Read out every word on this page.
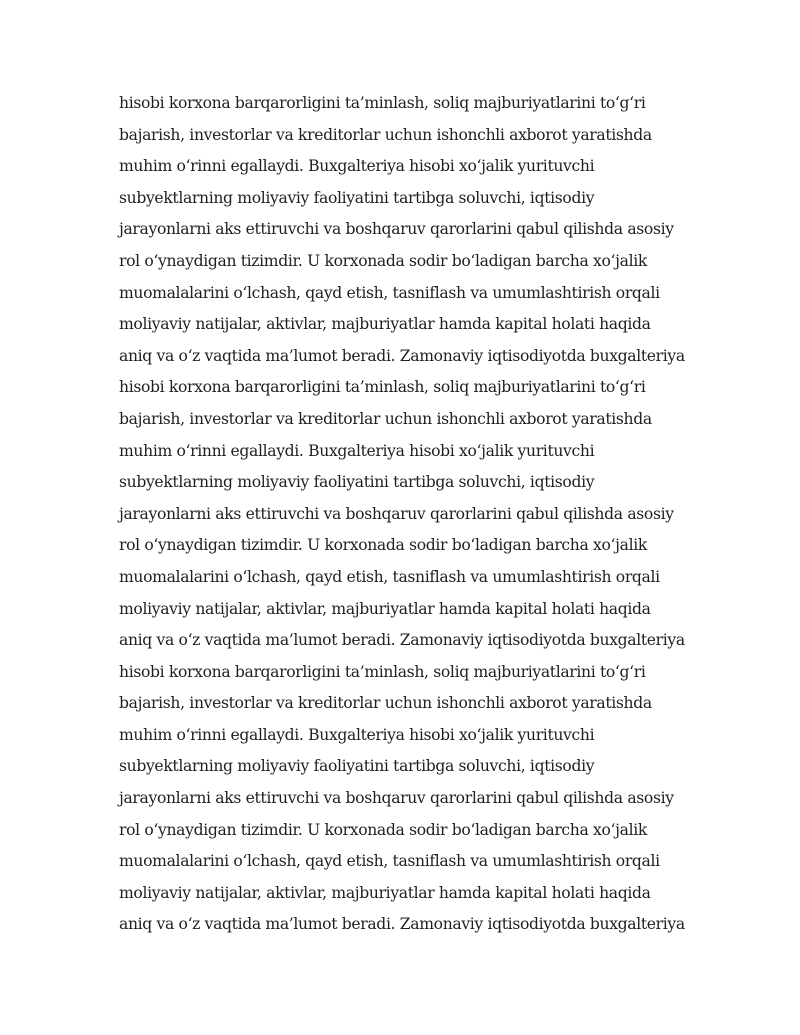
hisobi korxona barqarorligini ta’minlash, soliq majburiyatlarini to‘g‘ri
bajarish, investorlar va kreditorlar uchun ishonchli axborot yaratishda
muhim o‘rinni egallaydi. Buxgalteriya hisobi xo‘jalik yurituvchi
subyektlarning moliyaviy faoliyatini tartibga soluvchi, iqtisodiy
jarayonlarni aks ettiruvchi va boshqaruv qarorlarini qabul qilishda asosiy
rol o‘ynaydigan tizimdir. U korxonada sodir bo‘ladigan barcha xo‘jalik
muomalalarini o‘lchash, qayd etish, tasniflash va umumlashtirish orqali
moliyaviy natijalar, aktivlar, majburiyatlar hamda kapital holati haqida
aniq va o‘z vaqtida ma’lumot beradi. Zamonaviy iqtisodiyotda buxgalteriya
hisobi korxona barqarorligini ta’minlash, soliq majburiyatlarini to‘g‘ri
bajarish, investorlar va kreditorlar uchun ishonchli axborot yaratishda
muhim o‘rinni egallaydi. Buxgalteriya hisobi xo‘jalik yurituvchi
subyektlarning moliyaviy faoliyatini tartibga soluvchi, iqtisodiy
jarayonlarni aks ettiruvchi va boshqaruv qarorlarini qabul qilishda asosiy
rol o‘ynaydigan tizimdir. U korxonada sodir bo‘ladigan barcha xo‘jalik
muomalalarini o‘lchash, qayd etish, tasniflash va umumlashtirish orqali
moliyaviy natijalar, aktivlar, majburiyatlar hamda kapital holati haqida
aniq va o‘z vaqtida ma’lumot beradi. Zamonaviy iqtisodiyotda buxgalteriya
hisobi korxona barqarorligini ta’minlash, soliq majburiyatlarini to‘g‘ri
bajarish, investorlar va kreditorlar uchun ishonchli axborot yaratishda
muhim o‘rinni egallaydi. Buxgalteriya hisobi xo‘jalik yurituvchi
subyektlarning moliyaviy faoliyatini tartibga soluvchi, iqtisodiy
jarayonlarni aks ettiruvchi va boshqaruv qarorlarini qabul qilishda asosiy
rol o‘ynaydigan tizimdir. U korxonada sodir bo‘ladigan barcha xo‘jalik
muomalalarini o‘lchash, qayd etish, tasniflash va umumlashtirish orqali
moliyaviy natijalar, aktivlar, majburiyatlar hamda kapital holati haqida
aniq va o‘z vaqtida ma’lumot beradi. Zamonaviy iqtisodiyotda buxgalteriya
